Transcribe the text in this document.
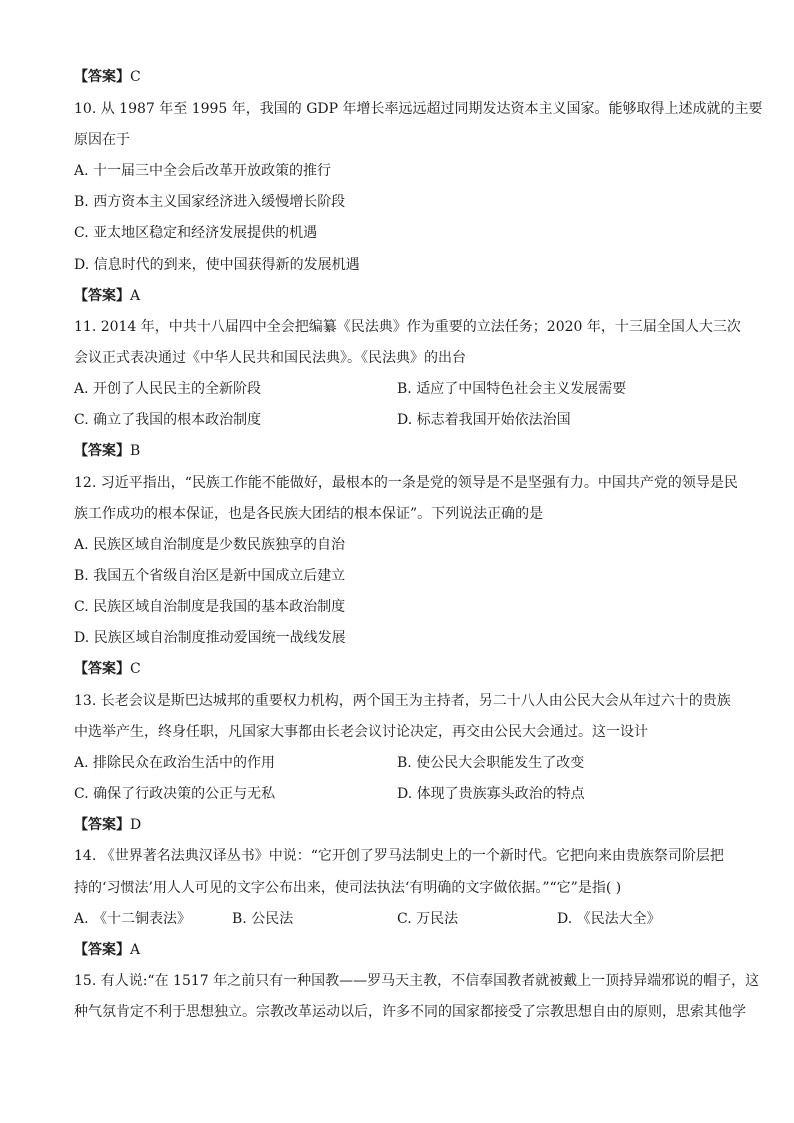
【答案】C
10. 从 1987 年至 1995 年，我国的 GDP 年增长率远远超过同期发达资本主义国家。能够取得上述成就的主要
原因在于
A. 十一届三中全会后改革开放政策的推行
B. 西方资本主义国家经济进入缓慢增长阶段
C. 亚太地区稳定和经济发展提供的机遇
D. 信息时代的到来，使中国获得新的发展机遇
【答案】A
11. 2014 年，中共十八届四中全会把编纂《民法典》作为重要的立法任务；2020 年，十三届全国人大三次
会议正式表决通过《中华人民共和国民法典》。《民法典》的出台
A. 开创了人民民主的全新阶段	B. 适应了中国特色社会主义发展需要
C. 确立了我国的根本政治制度	D. 标志着我国开始依法治国
【答案】B
12. 习近平指出，“民族工作能不能做好，最根本的一条是党的领导是不是坚强有力。中国共产党的领导是民
族工作成功的根本保证，也是各民族大团结的根本保证”。下列说法正确的是
A. 民族区域自治制度是少数民族独享的自治
B. 我国五个省级自治区是新中国成立后建立
C. 民族区域自治制度是我国的基本政治制度
D. 民族区域自治制度推动爱国统一战线发展
【答案】C
13. 长老会议是斯巴达城邦的重要权力机构，两个国王为主持者，另二十八人由公民大会从年过六十的贵族
中选举产生，终身任职，凡国家大事都由长老会议讨论决定，再交由公民大会通过。这一设计
A. 排除民众在政治生活中的作用	B. 使公民大会职能发生了改变
C. 确保了行政决策的公正与无私	D. 体现了贵族寡头政治的特点
【答案】D
14. 《世界著名法典汉译丛书》中说：“它开创了罗马法制史上的一个新时代。它把向来由贵族祭司阶层把
持的‘习惯法’用人人可见的文字公布出来，使司法执法‘有明确的文字做依据。”“它”是指( )
A. 《十二铜表法》	B. 公民法	C. 万民法	D. 《民法大全》
【答案】A
15. 有人说:“在 1517 年之前只有一种国教——罗马天主教，不信奉国教者就被戴上一顶持异端邪说的帽子，这
种气氛肯定不利于思想独立。宗教改革运动以后，许多不同的国家都接受了宗教思想自由的原则，思索其他学
